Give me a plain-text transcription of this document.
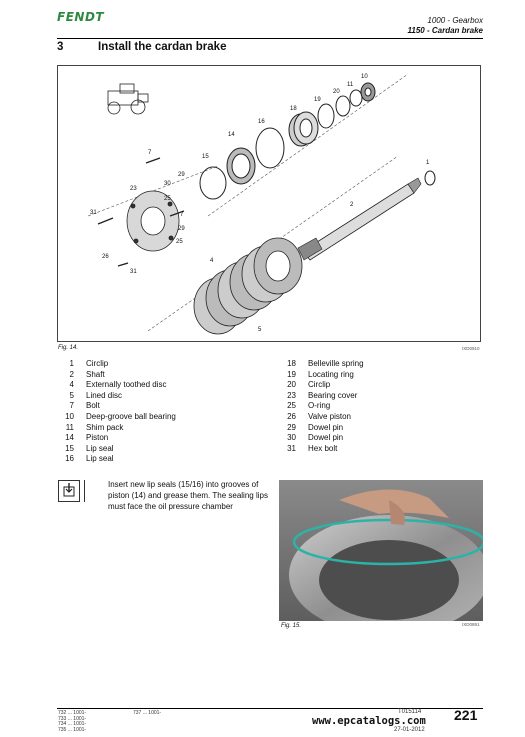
FENDT	1000 - Gearbox
1150 - Cardan brake
3	Install the cardan brake
1
2
4
5
7
7
10
11
14
15
16
18
19
20
23
25
25
26
29
29
30
31
31
Fig. 14.	IXD0910
1	Circlip
2	Shaft
4	Externally toothed disc
5	Lined disc
7	Bolt
10	Deep-groove ball bearing
11	Shim pack
14	Piston
15	Lip seal
16	Lip seal
18	Belleville spring
19	Locating ring
20	Circlip
23	Bearing cover
25	O-ring
26	Valve piston
29	Dowel pin
30	Dowel pin
31	Hex bolt
Insert new lip seals (15/16) into grooves of piston (14) and grease them. The sealing lips must face the oil pressure chamber
Fig. 15.	IXD0891
732 ... 1001-
733 ... 1001-
734 ... 1001-
735 ... 1001-
737 ... 1001-	T015114
27-01-2012
221
www.epcatalogs.com
